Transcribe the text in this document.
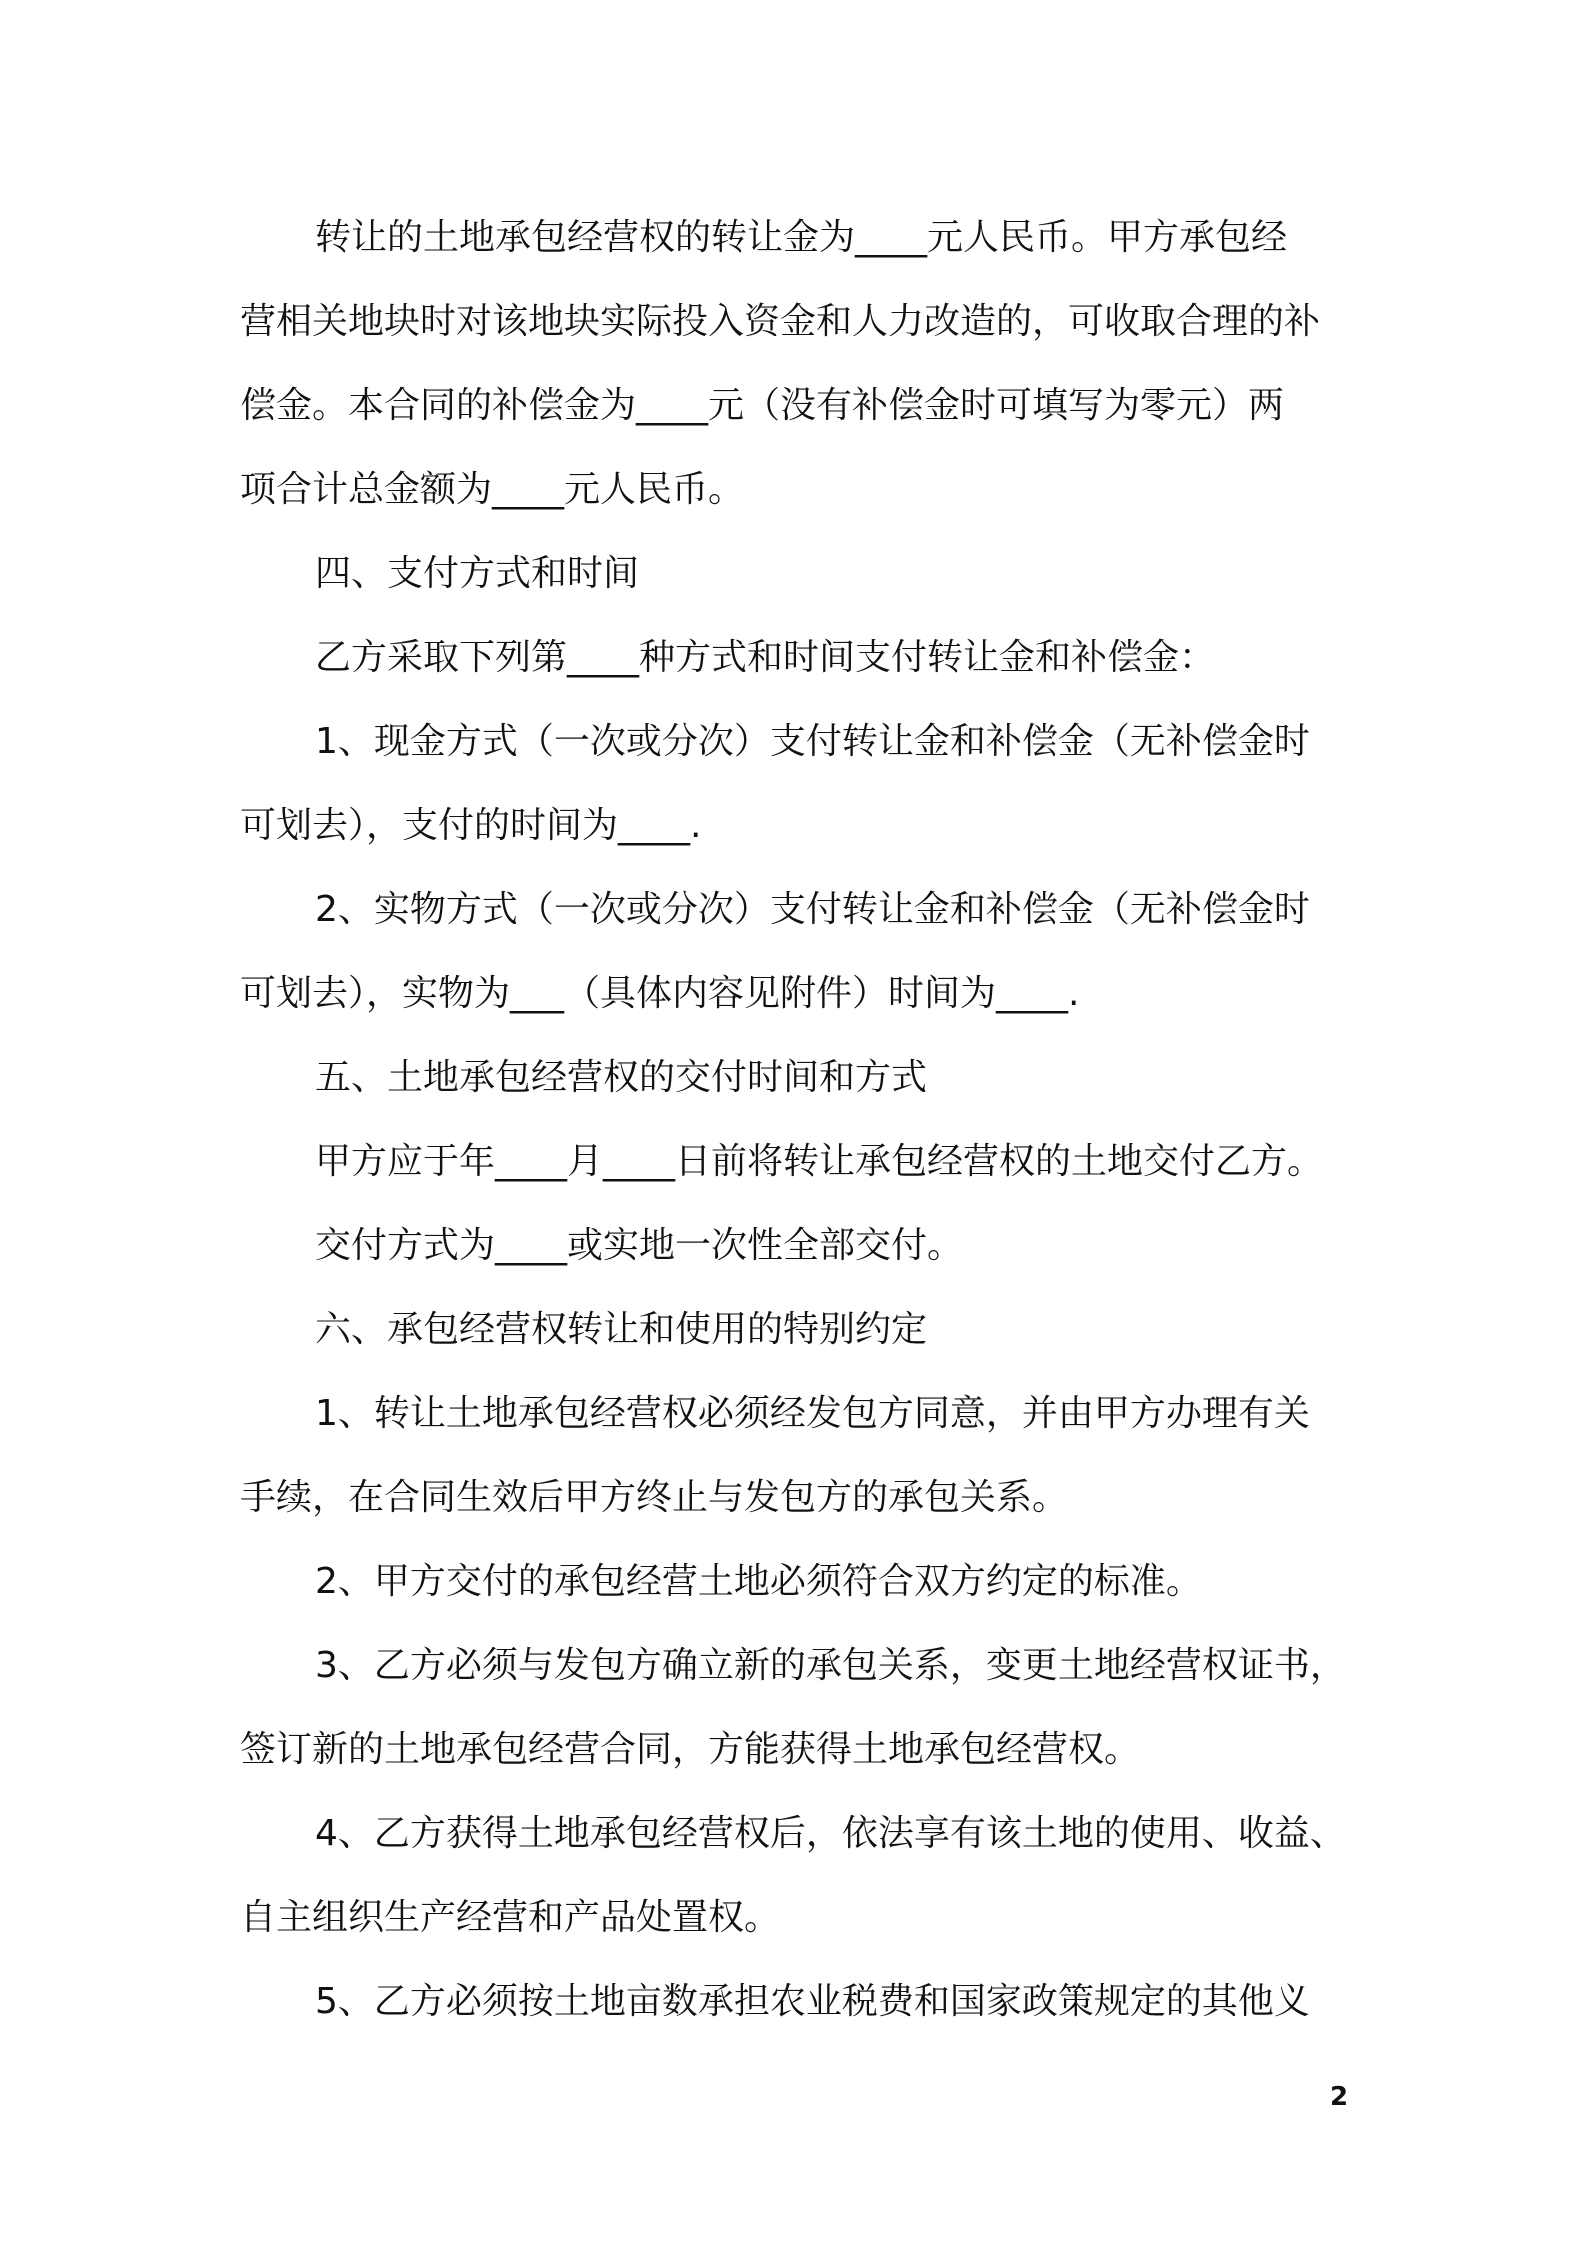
转让的土地承包经营权的转让金为____元人民币。甲方承包经
营相关地块时对该地块实际投入资金和人力改造的，可收取合理的补
偿金。本合同的补偿金为____元（没有补偿金时可填写为零元）两
项合计总金额为____元人民币。
四、支付方式和时间
乙方采取下列第____种方式和时间支付转让金和补偿金：
1、现金方式（一次或分次）支付转让金和补偿金（无补偿金时
可划去），支付的时间为____.
2、实物方式（一次或分次）支付转让金和补偿金（无补偿金时
可划去），实物为___（具体内容见附件）时间为____.
五、土地承包经营权的交付时间和方式
甲方应于年____月____日前将转让承包经营权的土地交付乙方。
交付方式为____或实地一次性全部交付。
六、承包经营权转让和使用的特别约定
1、转让土地承包经营权必须经发包方同意，并由甲方办理有关
手续，在合同生效后甲方终止与发包方的承包关系。
2、甲方交付的承包经营土地必须符合双方约定的标准。
3、乙方必须与发包方确立新的承包关系，变更土地经营权证书，
签订新的土地承包经营合同，方能获得土地承包经营权。
4、乙方获得土地承包经营权后，依法享有该土地的使用、收益、
自主组织生产经营和产品处置权。
5、乙方必须按土地亩数承担农业税费和国家政策规定的其他义
2
